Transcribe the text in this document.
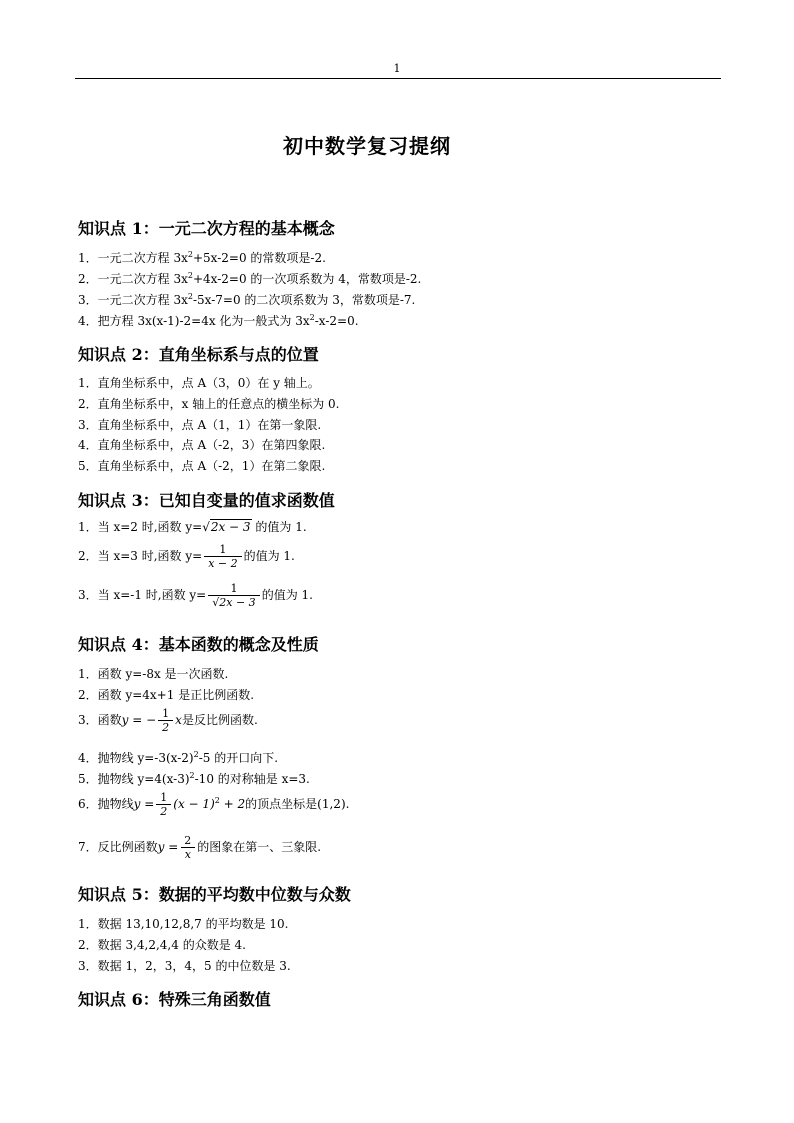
1
初中数学复习提纲
知识点 1：一元二次方程的基本概念
1．一元二次方程 $3x^2+5x-2=0$ 的常数项是-2.
2．一元二次方程 $3x^2+4x-2=0$ 的一次项系数为 4，常数项是-2.
3．一元二次方程 $3x^2-5x-7=0$ 的二次项系数为 3，常数项是-7.
4．把方程 3x(x-1)-2=4x 化为一般式为 $3x^2-x-2=0$.
知识点 2：直角坐标系与点的位置
1．直角坐标系中，点 A（3，0）在 y 轴上。
2．直角坐标系中，x 轴上的任意点的横坐标为 0.
3．直角坐标系中，点 A（1，1）在第一象限.
4．直角坐标系中，点 A（-2，3）在第四象限.
5．直角坐标系中，点 A（-2，1）在第二象限.
知识点 3：已知自变量的值求函数值
1．当 x=2 时,函数 y=√2x − 3 的值为 1.
2．当 x=3 时,函数 $y= \frac{1}{x - 2}$ 的值为 1.
3．当 x=-1 时,函数 $y= \frac{1}{√2x - 3}$ 的值为 1.
知识点 4：基本函数的概念及性质
1．函数 y=-8x 是一次函数.
2．函数 y=4x+1 是正比例函数.
3．函数y = − $\frac{1}{2}$ x是反比例函数.
4．抛物线 $y=-3(x-2)^2-5$ 的开口向下.
5．抛物线 $y=4(x-3)^2-10$ 的对称轴是 x=3.
6．抛物线$y = \frac{1}{2} (x - 1)^2 + 2$的顶点坐标是(1,2).
7．反比例函数$y = \frac{2}{x}$ 的图象在第一、三象限.
知识点 5：数据的平均数中位数与众数
1．数据 13,10,12,8,7 的平均数是 10.
2．数据 3,4,2,4,4 的众数是 4.
3．数据 1，2，3，4，5 的中位数是 3.
知识点 6：特殊三角函数值
